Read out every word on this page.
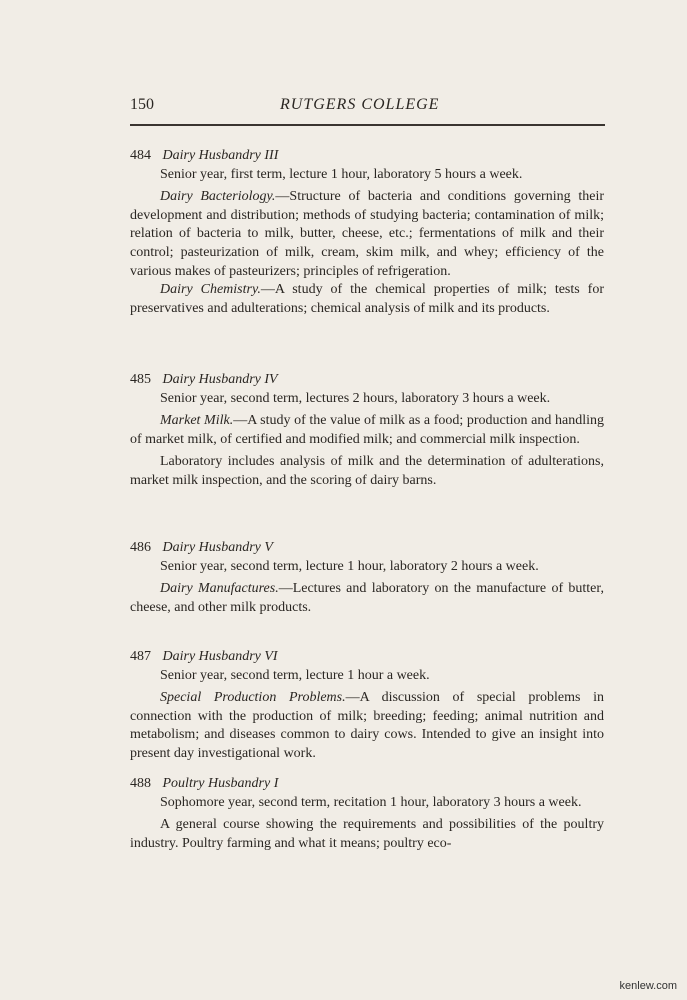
150	RUTGERS COLLEGE

484 Dairy Husbandry III

Senior year, first term, lecture 1 hour, laboratory 5 hours a week.

Dairy Bacteriology.—Structure of bacteria and conditions governing their development and distribution; methods of studying bacteria; contamination of milk; relation of bacteria to milk, butter, cheese, etc.; fermentations of milk and their control; pasteurization of milk, cream, skim milk, and whey; efficiency of the various makes of pasteurizers; principles of refrigeration.

Dairy Chemistry.—A study of the chemical properties of milk; tests for preservatives and adulterations; chemical analysis of milk and its products.

485 Dairy Husbandry IV

Senior year, second term, lectures 2 hours, laboratory 3 hours a week.

Market Milk.—A study of the value of milk as a food; production and handling of market milk, of certified and modified milk; and commercial milk inspection.

Laboratory includes analysis of milk and the determination of adulterations, market milk inspection, and the scoring of dairy barns.

486 Dairy Husbandry V

Senior year, second term, lecture 1 hour, laboratory 2 hours a week.

Dairy Manufactures.—Lectures and laboratory on the manufacture of butter, cheese, and other milk products.

487 Dairy Husbandry VI

Senior year, second term, lecture 1 hour a week.

Special Production Problems.—A discussion of special problems in connection with the production of milk; breeding; feeding; animal nutrition and metabolism; and diseases common to dairy cows. Intended to give an insight into present day investigational work.

488 Poultry Husbandry I

Sophomore year, second term, recitation 1 hour, laboratory 3 hours a week.

A general course showing the requirements and possibilities of the poultry industry. Poultry farming and what it means; poultry eco-

kenlew.com
